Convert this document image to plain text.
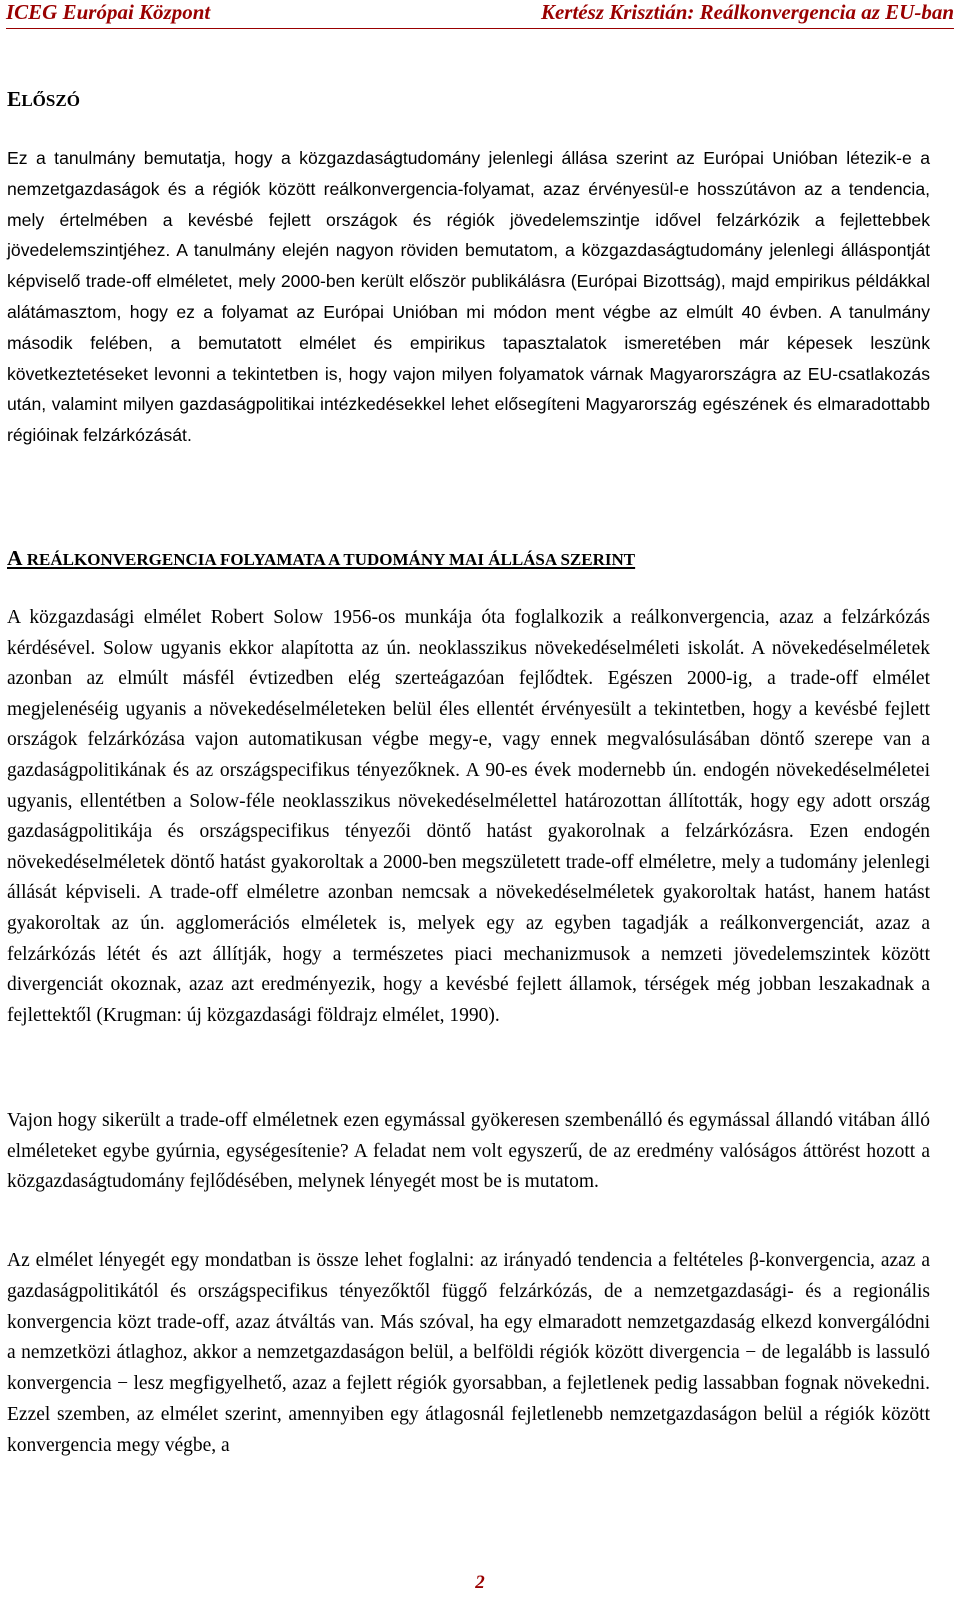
ICEG Európai Központ	Kertész Krisztián: Reálkonvergencia az EU-ban
ELŐSZÓ

Ez a tanulmány bemutatja, hogy a közgazdaságtudomány jelenlegi állása szerint az Európai Unióban létezik-e a nemzetgazdaságok és a régiók között reálkonvergencia-folyamat, azaz érvényesül-e hosszútávon az a tendencia, mely értelmében a kevésbé fejlett országok és régiók jövedelemszintje idővel felzárkózik a fejlettebbek jövedelemszintjéhez. A tanulmány elején nagyon röviden bemutatom, a közgazdaságtudomány jelenlegi álláspontját képviselő trade-off elméletet, mely 2000-ben került először publikálásra (Európai Bizottság), majd empirikus példákkal alátámasztom, hogy ez a folyamat az Európai Unióban mi módon ment végbe az elmúlt 40 évben. A tanulmány második felében, a bemutatott elmélet és empirikus tapasztalatok ismeretében már képesek leszünk következtetéseket levonni a tekintetben is, hogy vajon milyen folyamatok várnak Magyarországra az EU-csatlakozás után, valamint milyen gazdaságpolitikai intézkedésekkel lehet elősegíteni Magyarország egészének és elmaradottabb régióinak felzárkózását.

A REÁLKONVERGENCIA FOLYAMATA A TUDOMÁNY MAI ÁLLÁSA SZERINT

A közgazdasági elmélet Robert Solow 1956-os munkája óta foglalkozik a reálkonvergencia, azaz a felzárkózás kérdésével. Solow ugyanis ekkor alapította az ún. neoklasszikus növekedéselméleti iskolát. A növekedéselméletek azonban az elmúlt másfél évtizedben elég szerteágazóan fejlődtek. Egészen 2000-ig, a trade-off elmélet megjelenéséig ugyanis a növekedéselméleteken belül éles ellentét érvényesült a tekintetben, hogy a kevésbé fejlett országok felzárkózása vajon automatikusan végbe megy-e, vagy ennek megvalósulásában döntő szerepe van a gazdaságpolitikának és az országspecifikus tényezőknek. A 90-es évek modernebb ún. endogén növekedéselméletei ugyanis, ellentétben a Solow-féle neoklasszikus növekedéselmélettel határozottan állították, hogy egy adott ország gazdaságpolitikája és országspecifikus tényezői döntő hatást gyakorolnak a felzárkózásra. Ezen endogén növekedéselméletek döntő hatást gyakoroltak a 2000-ben megszületett trade-off elméletre, mely a tudomány jelenlegi állását képviseli. A trade-off elméletre azonban nemcsak a növekedéselméletek gyakoroltak hatást, hanem hatást gyakoroltak az ún. agglomerációs elméletek is, melyek egy az egyben tagadják a reálkonvergenciát, azaz a felzárkózás létét és azt állítják, hogy a természetes piaci mechanizmusok a nemzeti jövedelemszintek között divergenciát okoznak, azaz azt eredményezik, hogy a kevésbé fejlett államok, térségek még jobban leszakadnak a fejlettektől (Krugman: új közgazdasági földrajz elmélet, 1990).

Vajon hogy sikerült a trade-off elméletnek ezen egymással gyökeresen szembenálló és egymással állandó vitában álló elméleteket egybe gyúrnia, egységesítenie? A feladat nem volt egyszerű, de az eredmény valóságos áttörést hozott a közgazdaságtudomány fejlődésében, melynek lényegét most be is mutatom.

Az elmélet lényegét egy mondatban is össze lehet foglalni: az irányadó tendencia a feltételes β-konvergencia, azaz a gazdaságpolitikától és országspecifikus tényezőktől függő felzárkózás, de a nemzetgazdasági- és a regionális konvergencia közt trade-off, azaz átváltás van. Más szóval, ha egy elmaradott nemzetgazdaság elkezd konvergálódni a nemzetközi átlaghoz, akkor a nemzetgazdaságon belül, a belföldi régiók között divergencia − de legalább is lassuló konvergencia − lesz megfigyelhető, azaz a fejlett régiók gyorsabban, a fejletlenek pedig lassabban fognak növekedni. Ezzel szemben, az elmélet szerint, amennyiben egy átlagosnál fejletlenebb nemzetgazdaságon belül a régiók között konvergencia megy végbe, a

2
